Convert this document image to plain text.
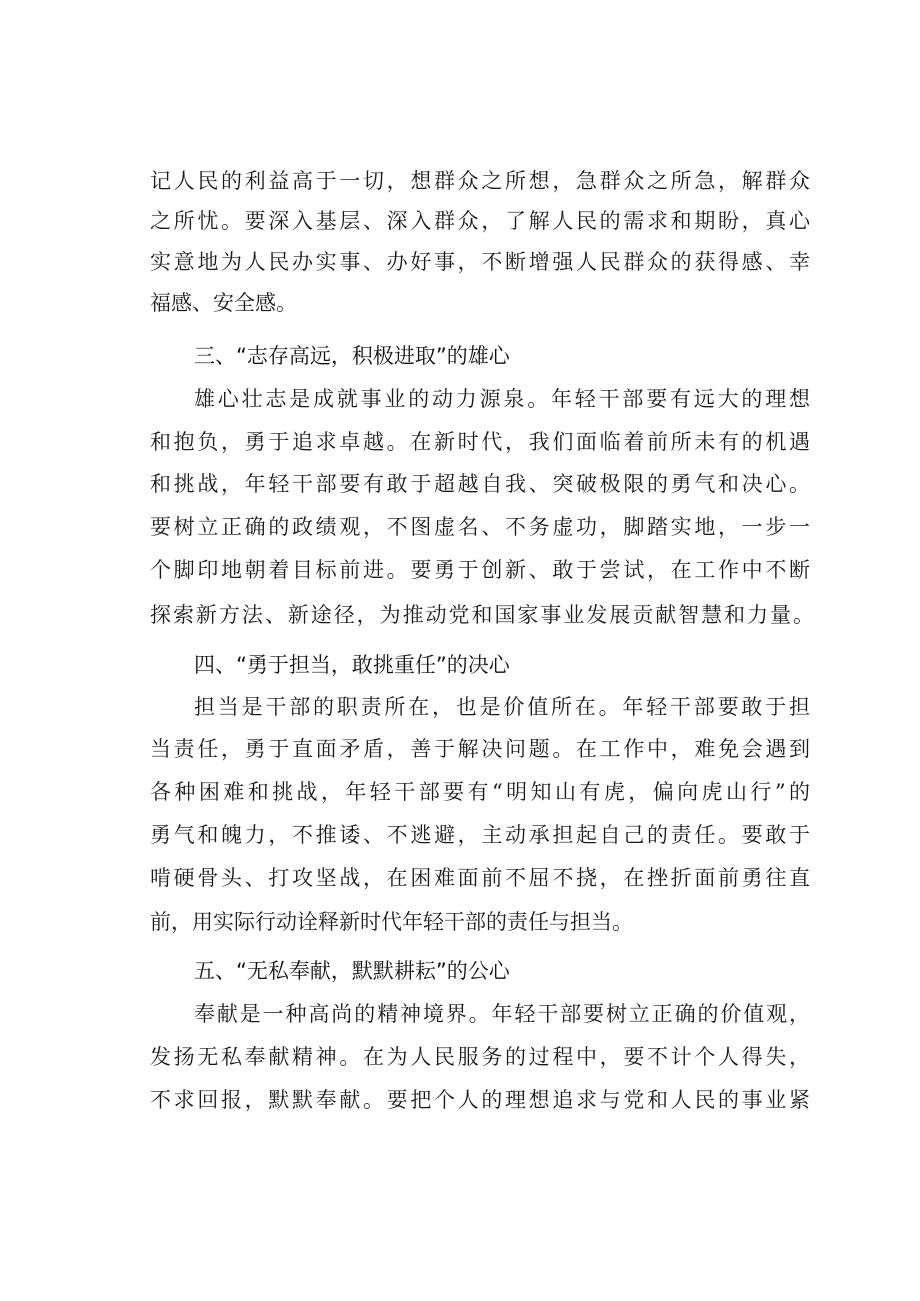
记人民的利益高于一切，想群众之所想，急群众之所急，解群众
之所忧。要深入基层、深入群众，了解人民的需求和期盼，真心
实意地为人民办实事、办好事，不断增强人民群众的获得感、幸
福感、安全感。
三、“志存高远，积极进取”的雄心
雄心壮志是成就事业的动力源泉。年轻干部要有远大的理想
和抱负，勇于追求卓越。在新时代，我们面临着前所未有的机遇
和挑战，年轻干部要有敢于超越自我、突破极限的勇气和决心。
要树立正确的政绩观，不图虚名、不务虚功，脚踏实地，一步一
个脚印地朝着目标前进。要勇于创新、敢于尝试，在工作中不断
探索新方法、新途径，为推动党和国家事业发展贡献智慧和力量。
四、“勇于担当，敢挑重任”的决心
担当是干部的职责所在，也是价值所在。年轻干部要敢于担
当责任，勇于直面矛盾，善于解决问题。在工作中，难免会遇到
各种困难和挑战，年轻干部要有“明知山有虎，偏向虎山行”的
勇气和魄力，不推诿、不逃避，主动承担起自己的责任。要敢于
啃硬骨头、打攻坚战，在困难面前不屈不挠，在挫折面前勇往直
前，用实际行动诠释新时代年轻干部的责任与担当。
五、“无私奉献，默默耕耘”的公心
奉献是一种高尚的精神境界。年轻干部要树立正确的价值观，
发扬无私奉献精神。在为人民服务的过程中，要不计个人得失，
不求回报，默默奉献。要把个人的理想追求与党和人民的事业紧
